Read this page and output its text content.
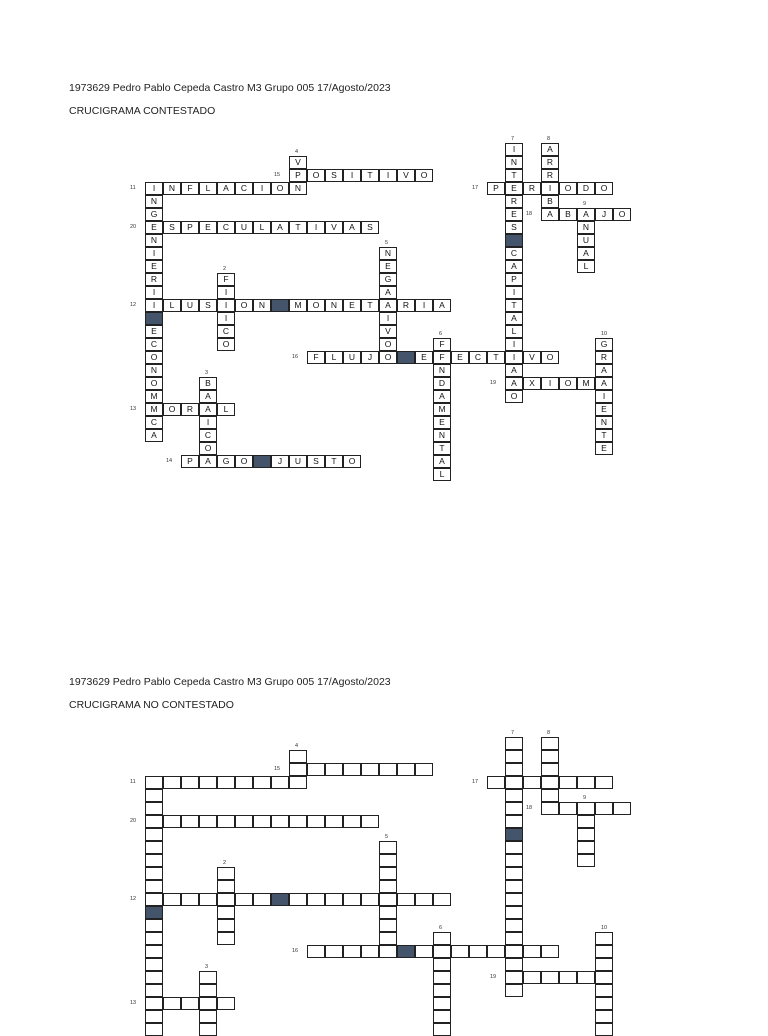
1973629 Pedro Pablo Cepeda Castro M3 Grupo 005 17/Agosto/2023
CRUCIGRAMA CONTESTADO
I
N
G
E
N
I
E
R
I
I
E
C
O
N
O
M
M
C
A
F
I
I
I
C
O
B
A
A
I
C
O
V
P
N
E
G
A
A
I
V
O	F
F
N
D
A
M
E
N
T
A
L
I
N
T
E
R
E
S
C
A
P
I
T
A
L
I
I
A
A
O
A
R
R
I
B
A	A
N
U
A
L
G
R
A
A
I
E
N
T
E
N	F	L	A	C	I	O	N
L	U	S	O	N	M	O	N	E	T	R	I	A
O	R	L
P	A	G	O	J	U	S	T	O
O	S	I	T	I	V	O
F	L	U	J	O	E	E	C	T	V	O
P	R	O	D	O
B	J	O
X	I	O	M
S	P	E	C	U	L	A	T	I	V	A	S
11
2
3
4
5
6
7	8
9
10
12
13
14
15
16
17
18
19
20
1973629 Pedro Pablo Cepeda Castro M3 Grupo 005 17/Agosto/2023
CRUCIGRAMA NO CONTESTADO
11
2
3
4
5
6
7	8
9
10
12
13
15
16
17
18
19
20
